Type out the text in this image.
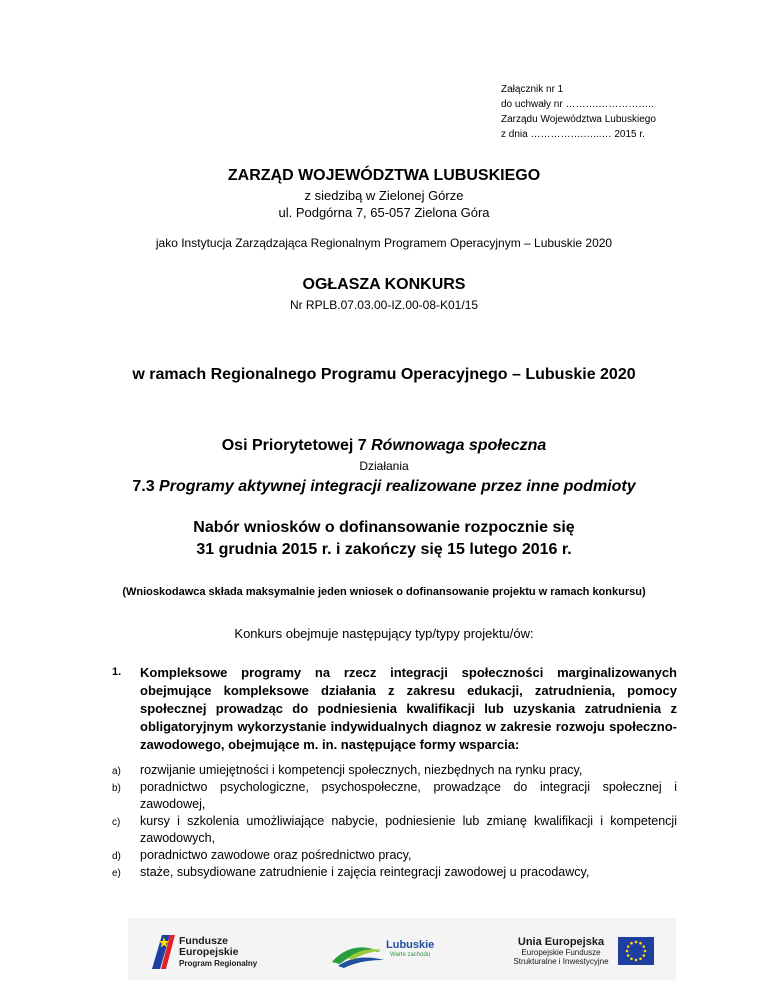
Załącznik nr 1
do uchwały nr ……….……………..
Zarządu Województwa Lubuskiego
z dnia …………….…...… 2015 r.
ZARZĄD WOJEWÓDZTWA LUBUSKIEGO
z siedzibą w Zielonej Górze
ul. Podgórna 7, 65-057 Zielona Góra
jako Instytucja Zarządzająca Regionalnym Programem Operacyjnym – Lubuskie 2020
OGŁASZA KONKURS
Nr RPLB.07.03.00-IZ.00-08-K01/15
w ramach Regionalnego Programu Operacyjnego – Lubuskie 2020
Osi Priorytetowej 7 Równowaga społeczna
Działania
7.3 Programy aktywnej integracji realizowane przez inne podmioty
Nabór wniosków o dofinansowanie rozpocznie się
31 grudnia 2015 r. i zakończy się 15 lutego 2016 r.
(Wnioskodawca składa maksymalnie jeden wniosek o dofinansowanie projektu w ramach konkursu)
Konkurs obejmuje następujący typ/typy projektu/ów:
1. Kompleksowe programy na rzecz integracji społeczności marginalizowanych obejmujące kompleksowe działania z zakresu edukacji, zatrudnienia, pomocy społecznej prowadząc do podniesienia kwalifikacji lub uzyskania zatrudnienia z obligatoryjnym wykorzystanie indywidualnych diagnoz w zakresie rozwoju społeczno-zawodowego, obejmujące m. in. następujące formy wsparcia:
a) rozwijanie umiejętności i kompetencji społecznych, niezbędnych na rynku pracy,
b) poradnictwo psychologiczne, psychospołeczne, prowadzące do integracji społecznej i zawodowej,
c) kursy i szkolenia umożliwiające nabycie, podniesienie lub zmianę kwalifikacji i kompetencji zawodowych,
d) poradnictwo zawodowe oraz pośrednictwo pracy,
e) staże, subsydiowane zatrudnienie i zajęcia reintegracji zawodowej u pracodawcy,
Fundusze
Europejskie
Program Regionalny
Lubuskie
Warte zachodu
Unia Europejska
Europejskie Fundusze
Strukturalne i Inwestycyjne
